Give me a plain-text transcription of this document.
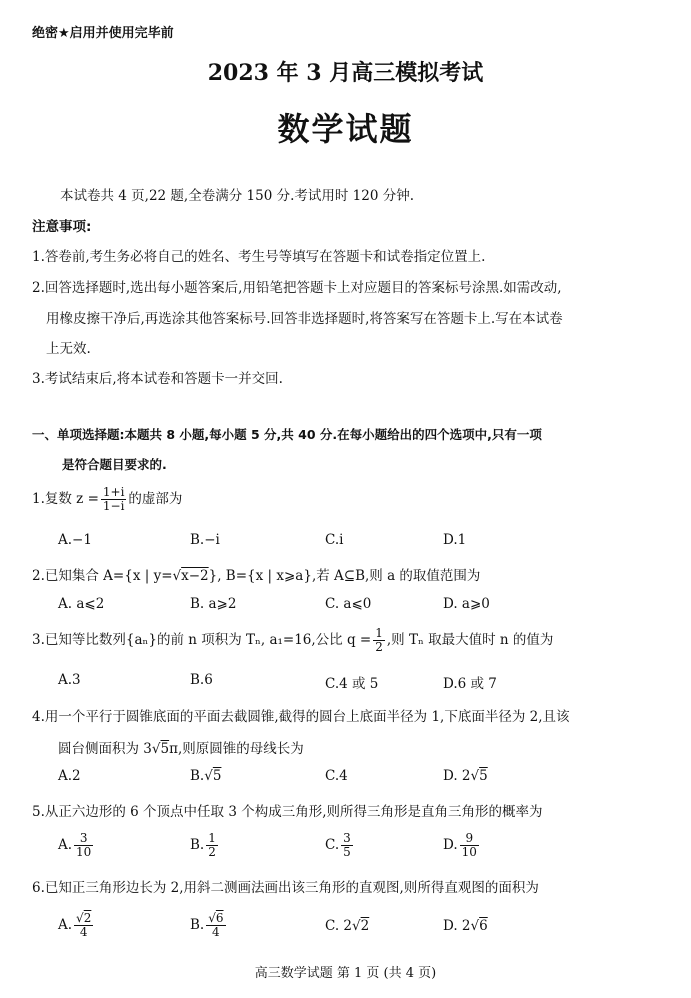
绝密★启用并使用完毕前
2023 年 3 月高三模拟考试
数学试题
本试卷共 4 页,22 题,全卷满分 150 分.考试用时 120 分钟.
注意事项:
1.答卷前,考生务必将自己的姓名、考生号等填写在答题卡和试卷指定位置上.
2.回答选择题时,选出每小题答案后,用铅笔把答题卡上对应题目的答案标号涂黑.如需改动,
用橡皮擦干净后,再选涂其他答案标号.回答非选择题时,将答案写在答题卡上.写在本试卷
上无效.
3.考试结束后,将本试卷和答题卡一并交回.
一、单项选择题:本题共 8 小题,每小题 5 分,共 40 分.在每小题给出的四个选项中,只有一项
是符合题目要求的.
1.复数 $z = \frac{1+i}{1-i}$ 的虚部为
A.−1	B.−i	C.i	D.1
2.已知集合 A={x | y=√x−2}, B={x | x⩾a},若 A⊆B,则 a 的取值范围为
A. a⩽2	B. a⩾2	C. a⩽0	D. a⩾0
3.已知等比数列{aₙ}的前 n 项积为 Tₙ, a₁=16,公比 $q = \frac{1}{2}$ ,则 Tₙ 取最大值时 n 的值为
A.3	B.6	C.4 或 5	D.6 或 7
4.用一个平行于圆锥底面的平面去截圆锥,截得的圆台上底面半径为 1,下底面半径为 2,且该
圆台侧面积为 3√5π,则原圆锥的母线长为
A.2	B.√5	C.4	D. 2√5
5.从正六边形的 6 个顶点中任取 3 个构成三角形,则所得三角形是直角三角形的概率为
A. $\frac{3}{10}$	B. $\frac{1}{2}$	C. $\frac{3}{5}$	D. $\frac{9}{10}$
6.已知正三角形边长为 2,用斜二测画法画出该三角形的直观图,则所得直观图的面积为
A. $\frac{√2}{4}$	B. $\frac{√6}{4}$	C. 2√2	D. 2√6
高三数学试题 第 1 页 (共 4 页)
